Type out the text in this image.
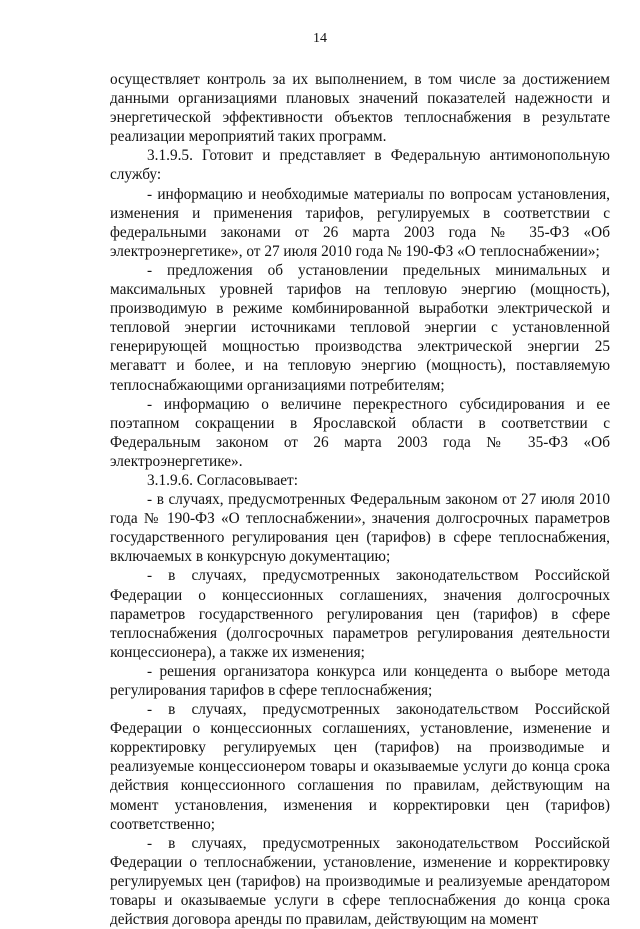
14

осуществляет контроль за их выполнением, в том числе за достижением данными организациями плановых значений показателей надежности и энергетической эффективности объектов теплоснабжения в результате реализации мероприятий таких программ.

3.1.9.5. Готовит и представляет в Федеральную антимонопольную службу:

- информацию и необходимые материалы по вопросам установления, изменения и применения тарифов, регулируемых в соответствии с федеральными законами от 26 марта 2003 года № 35-ФЗ «Об электроэнергетике», от 27 июля 2010 года № 190-ФЗ «О теплоснабжении»;

- предложения об установлении предельных минимальных и максимальных уровней тарифов на тепловую энергию (мощность), производимую в режиме комбинированной выработки электрической и тепловой энергии источниками тепловой энергии с установленной генерирующей мощностью производства электрической энергии 25 мегаватт и более, и на тепловую энергию (мощность), поставляемую теплоснабжающими организациями потребителям;

- информацию о величине перекрестного субсидирования и ее поэтапном сокращении в Ярославской области в соответствии с Федеральным законом от 26 марта 2003 года № 35-ФЗ «Об электроэнергетике».

3.1.9.6. Согласовывает:

- в случаях, предусмотренных Федеральным законом от 27 июля 2010 года № 190-ФЗ «О теплоснабжении», значения долгосрочных параметров государственного регулирования цен (тарифов) в сфере теплоснабжения, включаемых в конкурсную документацию;

- в случаях, предусмотренных законодательством Российской Федерации о концессионных соглашениях, значения долгосрочных параметров государственного регулирования цен (тарифов) в сфере теплоснабжения (долгосрочных параметров регулирования деятельности концессионера), а также их изменения;

- решения организатора конкурса или концедента о выборе метода регулирования тарифов в сфере теплоснабжения;

- в случаях, предусмотренных законодательством Российской Федерации о концессионных соглашениях, установление, изменение и корректировку регулируемых цен (тарифов) на производимые и реализуемые концессионером товары и оказываемые услуги до конца срока действия концессионного соглашения по правилам, действующим на момент установления, изменения и корректировки цен (тарифов) соответственно;

- в случаях, предусмотренных законодательством Российской Федерации о теплоснабжении, установление, изменение и корректировку регулируемых цен (тарифов) на производимые и реализуемые арендатором товары и оказываемые услуги в сфере теплоснабжения до конца срока действия договора аренды по правилам, действующим на момент
